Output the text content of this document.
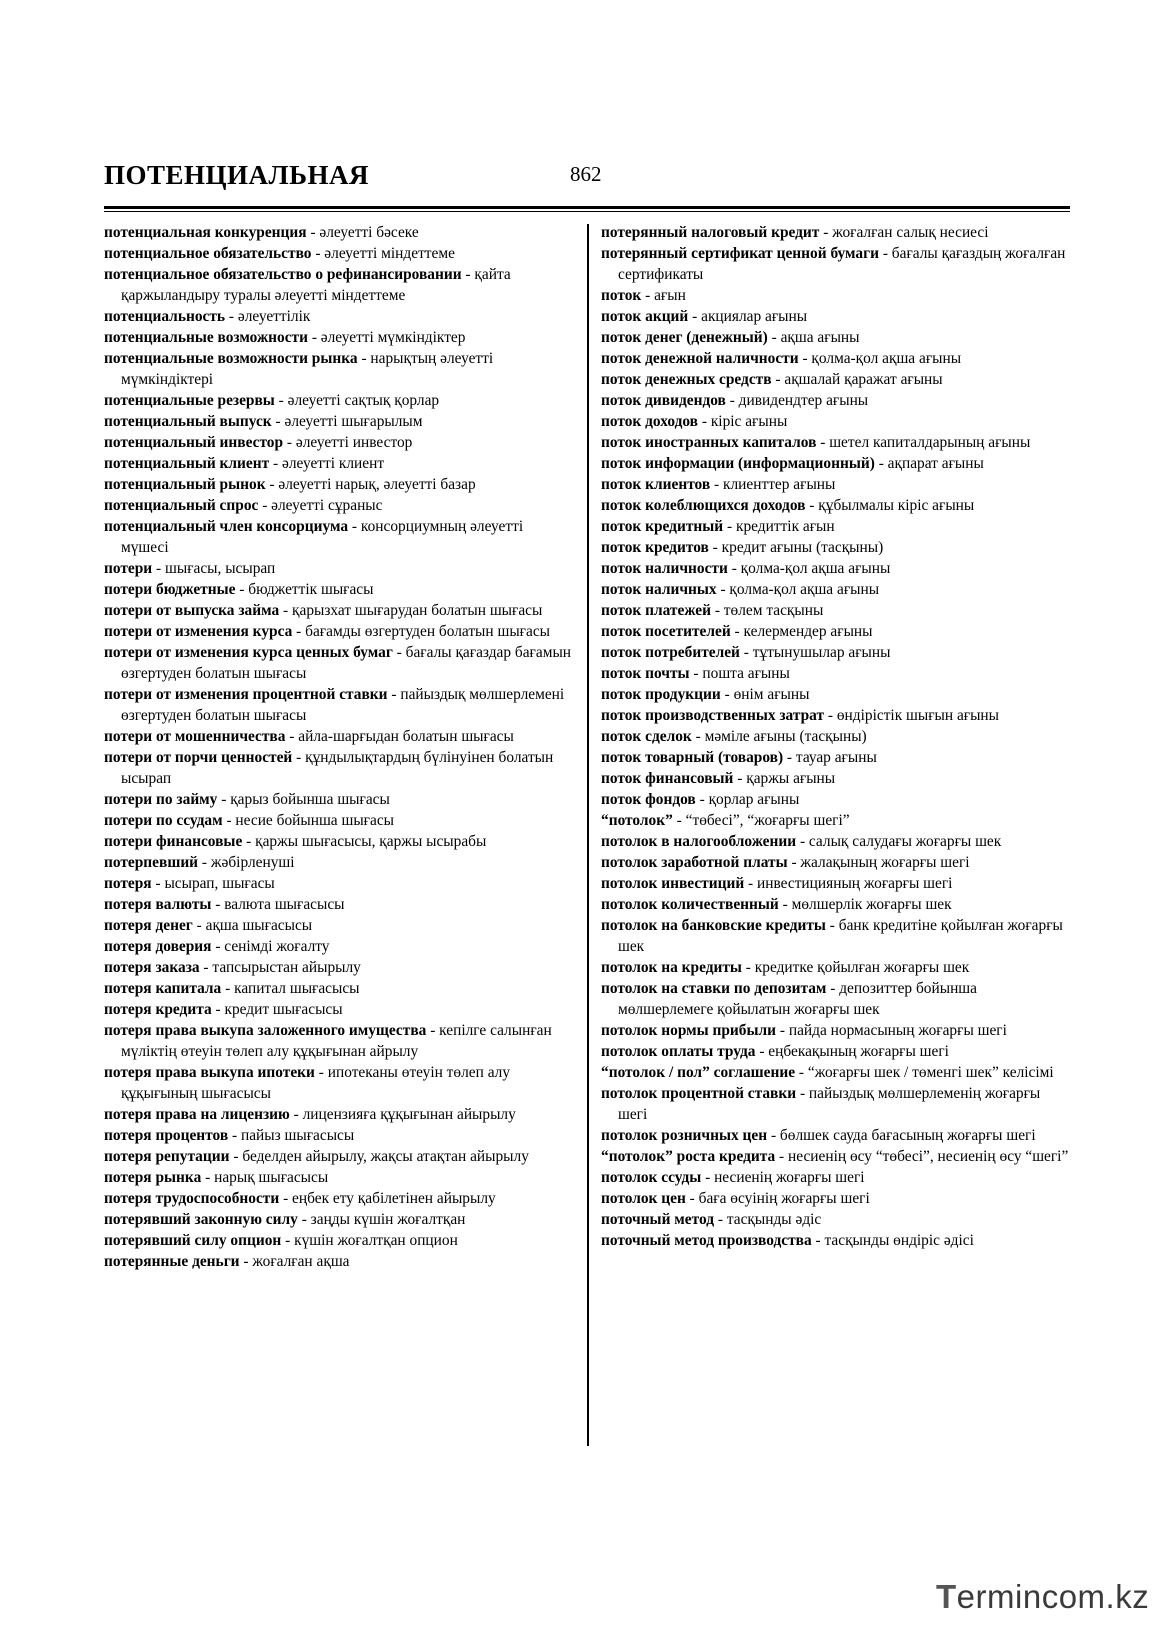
ПОТЕНЦИАЛЬНАЯ	862

потенциальная конкуренция - әлеуетті бәсеке

потенциальное обязательство - әлеуетті міндеттеме

потенциальное обязательство о рефинансировании - қайта қаржыландыру туралы әлеуетті міндеттеме

потенциальность - әлеуеттілік

потенциальные возможности - әлеуетті мүмкіндіктер

потенциальные возможности рынка - нарықтың әлеуетті мүмкіндіктері

потенциальные резервы - әлеуетті сақтық қорлар

потенциальный выпуск - әлеуетті шығарылым

потенциальный инвестор - әлеуетті инвестор

потенциальный клиент - әлеуетті клиент

потенциальный рынок - әлеуетті нарық, әлеуетті базар

потенциальный спрос - әлеуетті сұраныс

потенциальный член консорциума - консорциумның әлеуетті мүшесі

потери - шығасы, ысырап

потери бюджетные - бюджеттік шығасы

потери от выпуска займа - қарызхат шығарудан болатын шығасы

потери от изменения курса - бағамды өзгертуден болатын шығасы

потери от изменения курса ценных бумаг - бағалы қағаздар бағамын өзгертуден болатын шығасы

потери от изменения процентной ставки - пайыздық мөлшерлемені өзгертуден болатын шығасы

потери от мошенничества - айла-шарғыдан болатын шығасы

потери от порчи ценностей - құндылықтардың бүлінуінен болатын ысырап

потери по займу - қарыз бойынша шығасы

потери по ссудам - несие бойынша шығасы

потери финансовые - қаржы шығасысы, қаржы ысырабы

потерпевший - жәбірленуші

потеря - ысырап, шығасы

потеря валюты - валюта шығасысы

потеря денег - ақша шығасысы

потеря доверия - сенімді жоғалту

потеря заказа - тапсырыстан айырылу

потеря капитала - капитал шығасысы

потеря кредита - кредит шығасысы

потеря права выкупа заложенного имущества - кепілге салынған мүліктің өтеуін төлеп алу құқығынан айрылу

потеря права выкупа ипотеки - ипотеканы өтеуін төлеп алу құқығының шығасысы

потеря права на лицензию - лицензияға құқығынан айырылу

потеря процентов - пайыз шығасысы

потеря репутации - беделден айырылу, жақсы атақтан айырылу

потеря рынка - нарық шығасысы

потеря трудоспособности - еңбек ету қабілетінен айырылу

потерявший законную силу - заңды күшін жоғалтқан

потерявший силу опцион - күшін жоғалтқан опцион

потерянные деньги - жоғалған ақша

потерянный налоговый кредит - жоғалған салық несиесі

потерянный сертификат ценной бумаги - бағалы қағаздың жоғалған сертификаты

поток - ағын

поток акций - акциялар ағыны

поток денег (денежный) - ақша ағыны

поток денежной наличности - қолма-қол ақша ағыны

поток денежных средств - ақшалай қаражат ағыны

поток дивидендов - дивидендтер ағыны

поток доходов - кіріс ағыны

поток иностранных капиталов - шетел капиталдарының ағыны

поток информации (информационный) - ақпарат ағыны

поток клиентов - клиенттер ағыны

поток колеблющихся доходов - құбылмалы кіріс ағыны

поток кредитный - кредиттік ағын

поток кредитов - кредит ағыны (тасқыны)

поток наличности - қолма-қол ақша ағыны

поток наличных - қолма-қол ақша ағыны

поток платежей - төлем тасқыны

поток посетителей - келермендер ағыны

поток потребителей - тұтынушылар ағыны

поток почты - пошта ағыны

поток продукции - өнім ағыны

поток производственных затрат - өндірістік шығын ағыны

поток сделок - мәміле ағыны (тасқыны)

поток товарный (товаров) - тауар ағыны

поток финансовый - қаржы ағыны

поток фондов - қорлар ағыны

“потолок” - “төбесі”, “жоғарғы шегі”

потолок в налогообложении - салық салудағы жоғарғы шек

потолок заработной платы - жалақының жоғарғы шегі

потолок инвестиций - инвестицияның жоғарғы шегі

потолок количественный - мөлшерлік жоғарғы шек

потолок на банковские кредиты - банк кредитіне қойылған жоғарғы шек

потолок на кредиты - кредитке қойылған жоғарғы шек

потолок на ставки по депозитам - депозиттер бойынша мөлшерлемеге қойылатын жоғарғы шек

потолок нормы прибыли - пайда нормасының жоғарғы шегі

потолок оплаты труда - еңбекақының жоғарғы шегі

“потолок / пол” соглашение - “жоғарғы шек / төменгі шек” келісімі

потолок процентной ставки - пайыздық мөлшерлеменің жоғарғы шегі

потолок розничных цен - бөлшек сауда бағасының жоғарғы шегі

“потолок” роста кредита - несиенің өсу “төбесі”, несиенің өсу “шегі”

потолок ссуды - несиенің жоғарғы шегі

потолок цен - баға өсуінің жоғарғы шегі

поточный метод - тасқынды әдіс

поточный метод производства - тасқынды өндіріс әдісі

Termincom.kz
